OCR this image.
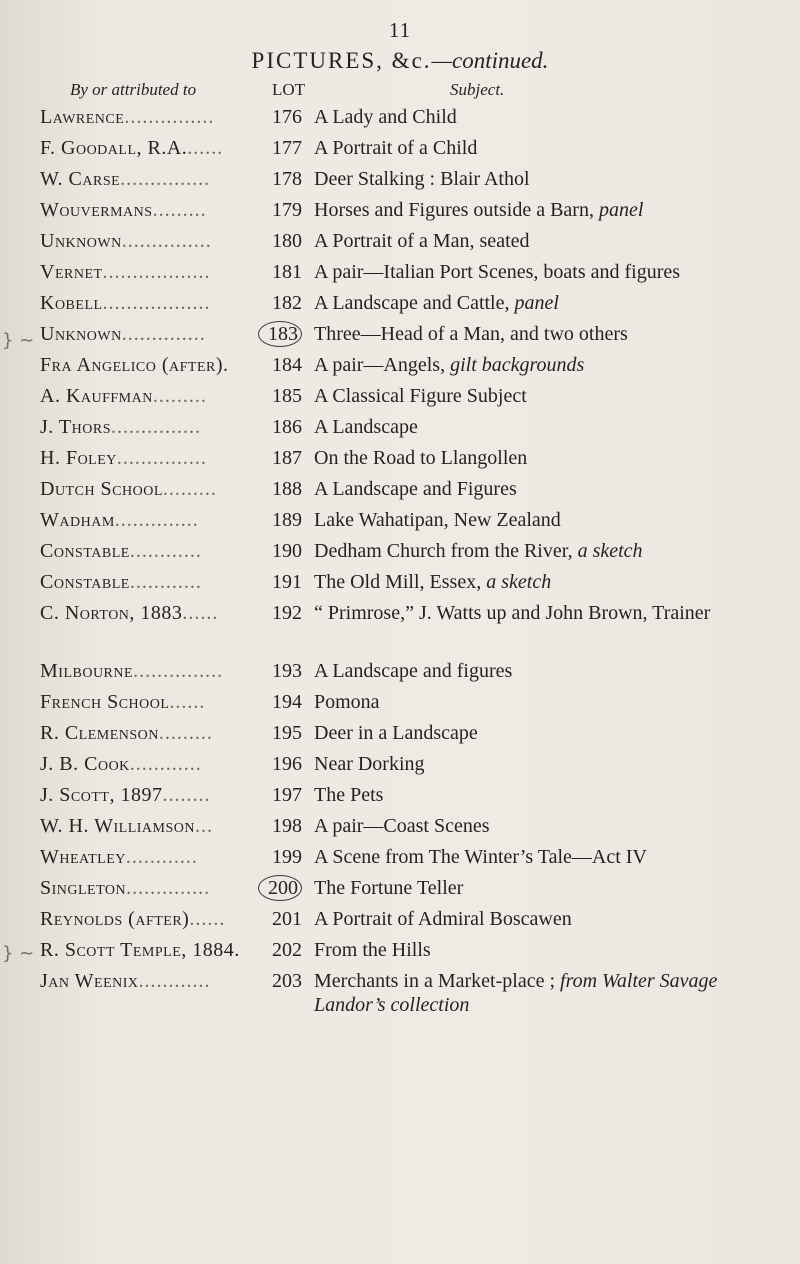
11
PICTURES, &c.—continued.
By or attributed to	LOT	Subject.
Lawrence...............	176 A Lady and Child
F. Goodall, R.A.......	177 A Portrait of a Child
W. Carse...............	178 Deer Stalking : Blair Athol
Wouvermans.........	179 Horses and Figures outside a Barn, panel
Unknown...............	180 A Portrait of a Man, seated
Vernet..................	181 A pair—Italian Port Scenes, boats and figures
Kobell..................	182 A Landscape and Cattle, panel
Unknown..............	183 Three—Head of a Man, and two others
Fra Angelico (after).	184 A pair—Angels, gilt backgrounds
A. Kauffman.........	185 A Classical Figure Subject
J. Thors...............	186 A Landscape
H. Foley...............	187 On the Road to Llangollen
Dutch School.........	188 A Landscape and Figures
Wadham..............	189 Lake Wahatipan, New Zealand
Constable............	190 Dedham Church from the River, a sketch
Constable............	191 The Old Mill, Essex, a sketch
C. Norton, 1883......	192 “ Primrose,” J. Watts up and John Brown, Trainer
Milbourne...............	193 A Landscape and figures
French School......	194 Pomona
R. Clemenson.........	195 Deer in a Landscape
J. B. Cook............	196 Near Dorking
J. Scott, 1897........	197 The Pets
W. H. Williamson...	198 A pair—Coast Scenes
Wheatley............	199 A Scene from The Winter’s Tale—Act IV
Singleton..............	200 The Fortune Teller
Reynolds (after)......	201 A Portrait of Admiral Boscawen
R. Scott Temple, 1884.	202 From the Hills
Jan Weenix............	203 Merchants in a Market-place ; from Walter Savage Landor’s collection
} ~
} ~
